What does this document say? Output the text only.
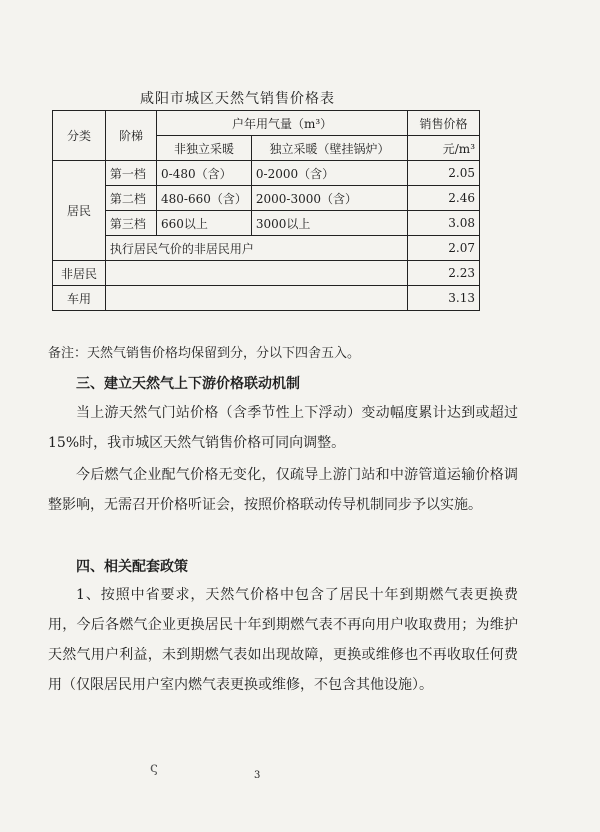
咸阳市城区天然气销售价格表
分类	阶梯	户年用气量（m³）		销售价格
		非独立采暖	独立采暖（壁挂锅炉）	元/m³
居民	第一档	0-480（含）	0-2000（含）	2.05
	第二档	480-660（含）	2000-3000（含）	2.46
	第三档	660以上	3000以上	3.08
	执行居民气价的非居民用户			2.07
非居民				2.23
车用				3.13
备注：天然气销售价格均保留到分，分以下四舍五入。
三、建立天然气上下游价格联动机制
当上游天然气门站价格（含季节性上下浮动）变动幅度累计达到或超过15%时，我市城区天然气销售价格可同向调整。
今后燃气企业配气价格无变化，仅疏导上游门站和中游管道运输价格调整影响，无需召开价格听证会，按照价格联动传导机制同步予以实施。
四、相关配套政策
1、按照中省要求，天然气价格中包含了居民十年到期燃气表更换费用，今后各燃气企业更换居民十年到期燃气表不再向用户收取费用；为维护天然气用户利益，未到期燃气表如出现故障，更换或维修也不再收取任何费用（仅限居民用户室内燃气表更换或维修，不包含其他设施）。
ς	3
